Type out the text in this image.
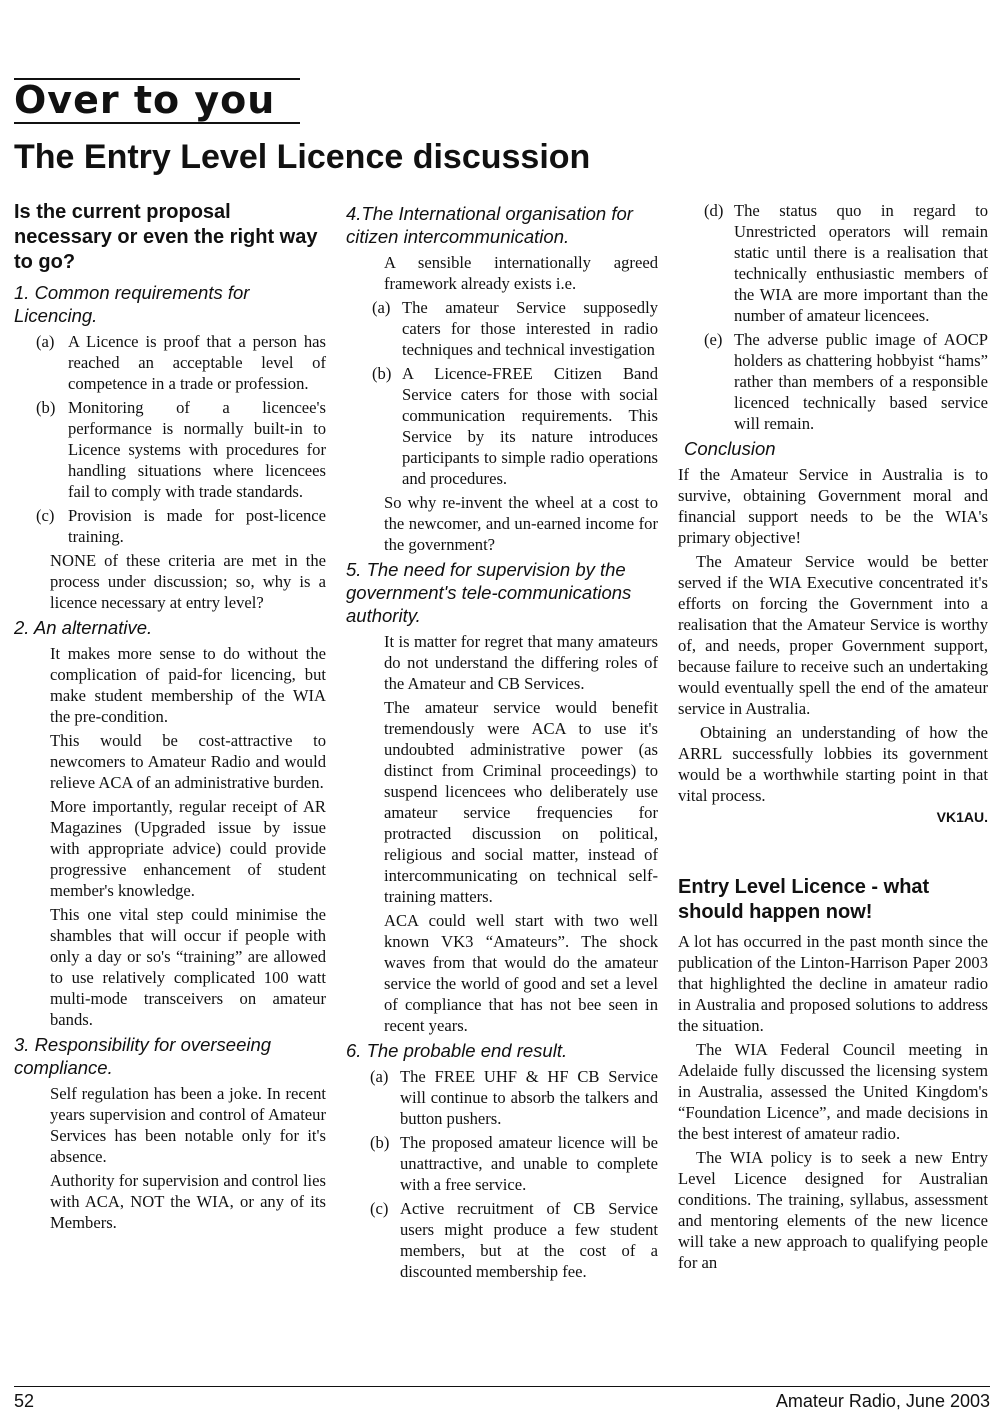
Over to you
The Entry Level Licence discussion
Is the current proposal necessary or even the right way to go?
1. Common requirements for Licencing.
(a) A Licence is proof that a person has reached an acceptable level of competence in a trade or profession.
(b) Monitoring of a licencee's performance is normally built-in to Licence systems with procedures for handling situations where licencees fail to comply with trade standards.
(c) Provision is made for post-licence training.
NONE of these criteria are met in the process under discussion; so, why is a licence necessary at entry level?
2. An alternative.
It makes more sense to do without the complication of paid-for licencing, but make student membership of the WIA the pre-condition.
This would be cost-attractive to newcomers to Amateur Radio and would relieve ACA of an administrative burden.
More importantly, regular receipt of AR Magazines (Upgraded issue by issue with appropriate advice) could provide progressive enhancement of student member's knowledge.
This one vital step could minimise the shambles that will occur if people with only a day or so's “training” are allowed to use relatively complicated 100 watt multi-mode transceivers on amateur bands.
3. Responsibility for overseeing compliance.
Self regulation has been a joke. In recent years supervision and control of Amateur Services has been notable only for it's absence.
Authority for supervision and control lies with ACA, NOT the WIA, or any of its Members.
4.The International organisation for citizen intercommunication.
A sensible internationally agreed framework already exists i.e.
(a) The amateur Service supposedly caters for those interested in radio techniques and technical investigation
(b) A Licence-FREE Citizen Band Service caters for those with social communication requirements. This Service by its nature introduces participants to simple radio operations and procedures.
So why re-invent the wheel at a cost to the newcomer, and un-earned income for the government?
5. The need for supervision by the government's tele-communications authority.
It is matter for regret that many amateurs do not understand the differing roles of the Amateur and CB Services.
The amateur service would benefit tremendously were ACA to use it's undoubted administrative power (as distinct from Criminal proceedings) to suspend licencees who deliberately use amateur service frequencies for protracted discussion on political, religious and social matter, instead of intercommunicating on technical self-training matters.
ACA could well start with two well known VK3 “Amateurs”. The shock waves from that would do the amateur service the world of good and set a level of compliance that has not bee seen in recent years.
6. The probable end result.
(a) The FREE UHF & HF CB Service will continue to absorb the talkers and button pushers.
(b) The proposed amateur licence will be unattractive, and unable to complete with a free service.
(c) Active recruitment of CB Service users might produce a few student members, but at the cost of a discounted membership fee.
(d) The status quo in regard to Unrestricted operators will remain static until there is a realisation that technically enthusiastic members of the WIA are more important than the number of amateur licencees.
(e) The adverse public image of AOCP holders as chattering hobbyist “hams” rather than members of a responsible licenced technically based service will remain.
Conclusion
If the Amateur Service in Australia is to survive, obtaining Government moral and financial support needs to be the WIA's primary objective!
The Amateur Service would be better served if the WIA Executive concentrated it's efforts on forcing the Government into a realisation that the Amateur Service is worthy of, and needs, proper Government support, because failure to receive such an undertaking would eventually spell the end of the amateur service in Australia.
Obtaining an understanding of how the ARRL successfully lobbies its government would be a worthwhile starting point in that vital process.
VK1AU.
Entry Level Licence - what should happen now!
A lot has occurred in the past month since the publication of the Linton-Harrison Paper 2003 that highlighted the decline in amateur radio in Australia and proposed solutions to address the situation.
The WIA Federal Council meeting in Adelaide fully discussed the licensing system in Australia, assessed the United Kingdom's “Foundation Licence”, and made decisions in the best interest of amateur radio.
The WIA policy is to seek a new Entry Level Licence designed for Australian conditions. The training, syllabus, assessment and mentoring elements of the new licence will take a new approach to qualifying people for an
52	Amateur Radio, June 2003
